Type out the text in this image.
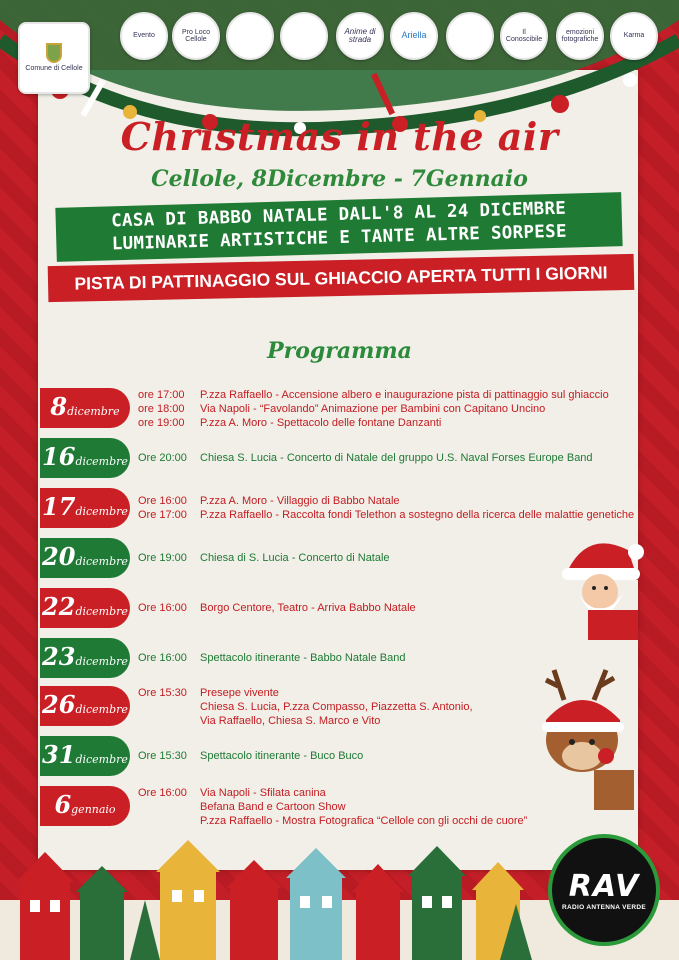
Comune di Cellole
Evento
Pro Loco Cellole
Anime di strada	Ariella	Il Conoscibile
emozioni fotografiche
Karma
Christmas in the air
Cellole, 8Dicembre - 7Gennaio
CASA DI BABBO NATALE DALL'8 AL 24 DICEMBRE
LUMINARIE ARTISTICHE E TANTE ALTRE SORPESE
PISTA DI PATTINAGGIO SUL GHIACCIO APERTA TUTTI I GIORNI
Programma
8 dicembre
ore 17:00	P.zza Raffaello - Accensione albero e inaugurazione pista di pattinaggio sul ghiaccio
ore 18:00	Via Napoli - “Favolando” Animazione per Bambini con Capitano Uncino
ore 19:00	P.zza A. Moro - Spettacolo delle fontane Danzanti
16 dicembre Ore 20:00	Chiesa S. Lucia - Concerto di Natale del gruppo U.S. Naval Forses Europe Band
17 dicembre
Ore 16:00	P.zza A. Moro - Villaggio di Babbo Natale
Ore 17:00	P.zza Raffaello - Raccolta fondi Telethon a sostegno della ricerca delle malattie genetiche
20 dicembre Ore 19:00	Chiesa di S. Lucia - Concerto di Natale
22 dicembre Ore 16:00	Borgo Centore, Teatro - Arriva Babbo Natale
23 dicembre Ore 16:00	Spettacolo itinerante - Babbo Natale Band
26 dicembre
Ore 15:30	Presepe vivente
Chiesa S. Lucia, P.zza Compasso, Piazzetta S. Antonio,
Via Raffaello, Chiesa S. Marco e Vito
31 dicembre Ore 15:30	Spettacolo itinerante - Buco Buco
6 gennaio
Ore 16:00	Via Napoli - Sfilata canina
Befana Band e Cartoon Show
P.zza Raffaello - Mostra Fotografica “Cellole con gli occhi de cuore”
RAV
RADIO ANTENNA VERDE
